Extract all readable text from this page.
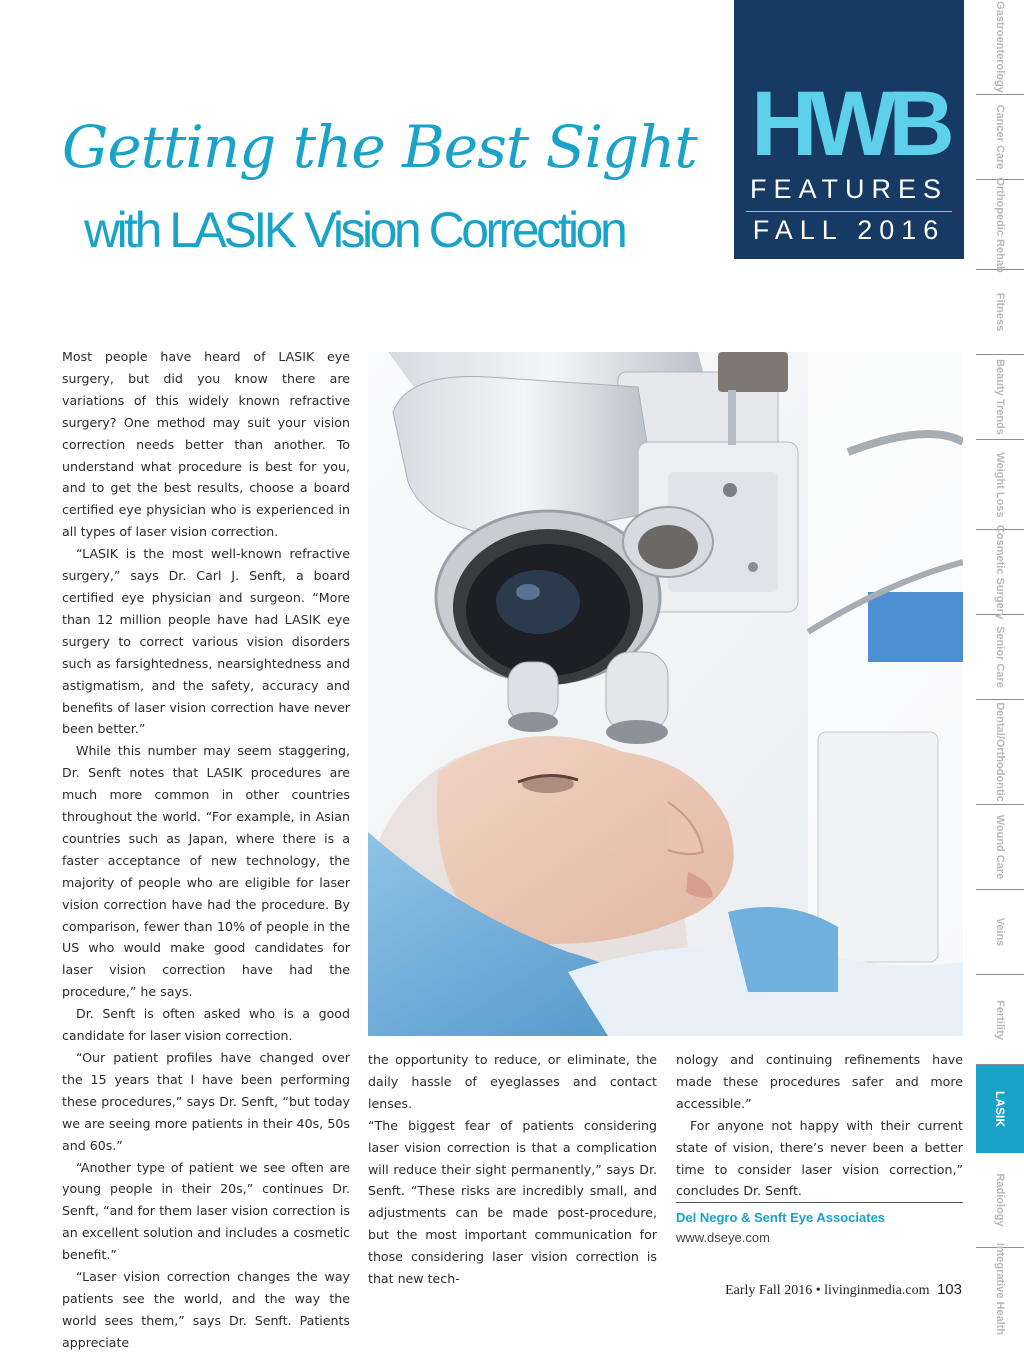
Getting the Best Sight
with LASIK Vision Correction
HWB
FEATURES
FALL 2016
Gastroenterology
Cancer Care
Orthopedic Rehab
Fitness
Beauty Trends
Weight Loss
Cosmetic Surgery
Senior Care
Dental/Orthodontic
Wound Care
Veins
Fertility
LASIK
Radiology
Integrative Health

Most people have heard of LASIK eye surgery, but did you know there are variations of this widely known refractive surgery? One method may suit your vision correction needs better than another. To understand what procedure is best for you, and to get the best results, choose a board certified eye physician who is experienced in all types of laser vision correction.

“LASIK is the most well-known refractive surgery,” says Dr. Carl J. Senft, a board certified eye physician and surgeon. “More than 12 million people have had LASIK eye surgery to correct various vision disorders such as farsightedness, nearsightedness and astigmatism, and the safety, accuracy and benefits of laser vision correction have never been better.”

While this number may seem staggering, Dr. Senft notes that LASIK procedures are much more common in other countries throughout the world. “For example, in Asian countries such as Japan, where there is a faster acceptance of new technology, the majority of people who are eligible for laser vision correction have had the procedure. By comparison, fewer than 10% of people in the US who would make good candidates for laser vision correction have had the procedure,” he says.

Dr. Senft is often asked who is a good candidate for laser vision correction.

“Our patient profiles have changed over the 15 years that I have been performing these procedures,” says Dr. Senft, “but today we are seeing more patients in their 40s, 50s and 60s.”

“Another type of patient we see often are young people in their 20s,” continues Dr. Senft, “and for them laser vision correction is an excellent solution and includes a cosmetic benefit.”

“Laser vision correction changes the way patients see the world, and the way the world sees them,” says Dr. Senft. Patients appreciate

the opportunity to reduce, or eliminate, the daily hassle of eyeglasses and contact lenses.

“The biggest fear of patients considering laser vision correction is that a complication will reduce their sight permanently,” says Dr. Senft. “These risks are incredibly small, and adjustments can be made post-procedure, but the most important communication for those considering laser vision correction is that new tech-

nology and continuing refinements have made these procedures safer and more accessible.”

For anyone not happy with their current state of vision, there’s never been a better time to consider laser vision correction,” concludes Dr. Senft.

Del Negro & Senft Eye Associates
www.dseye.com
Early Fall 2016 • livinginmedia.com 103
